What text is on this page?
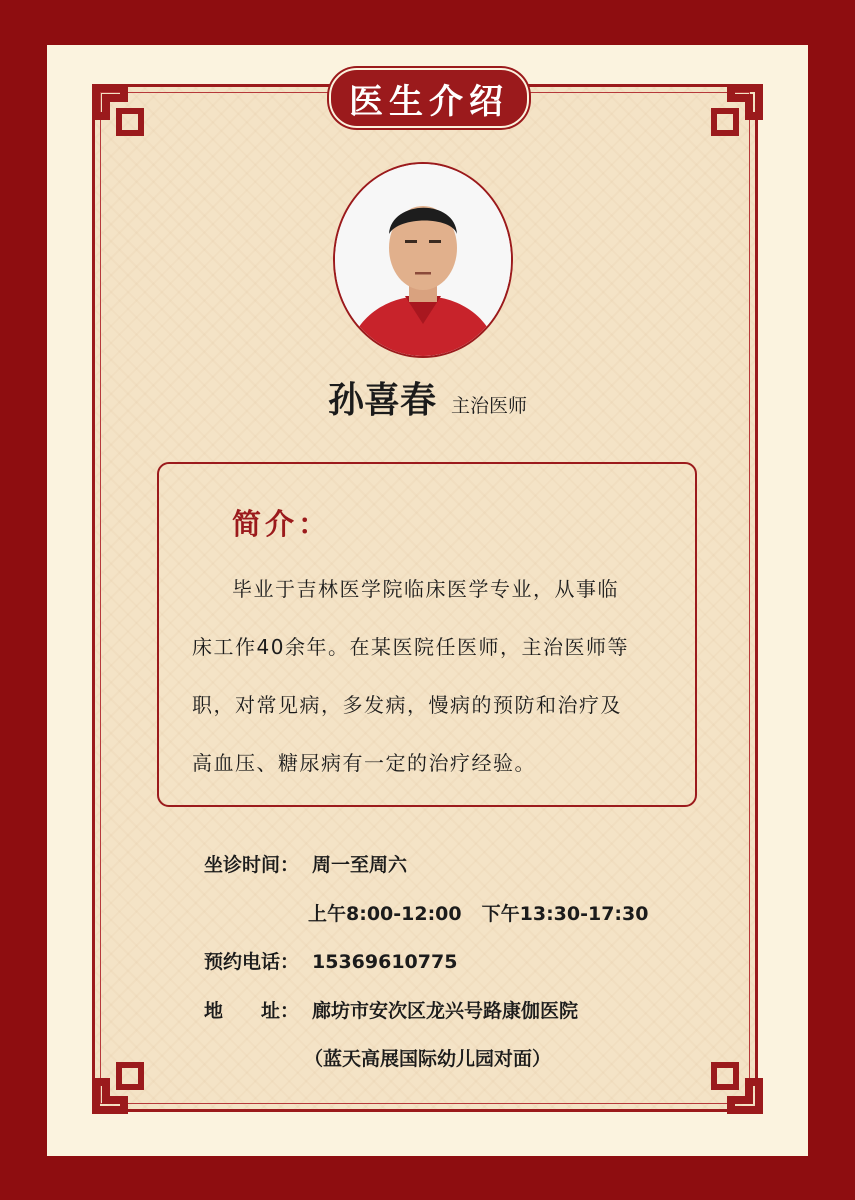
医生介绍
孙喜春 主治医师
简介：
毕业于吉林医学院临床医学专业，从事临
床工作40余年。在某医院任医师，主治医师等
职，对常见病，多发病，慢病的预防和治疗及
高血压、糖尿病有一定的治疗经验。
坐诊时间： 周一至周六
上午8:00-12:00 下午13:30-17:30
预约电话： 15369610775
地　　址： 廊坊市安次区龙兴号路康伽医院
（蓝天高展国际幼儿园对面）
